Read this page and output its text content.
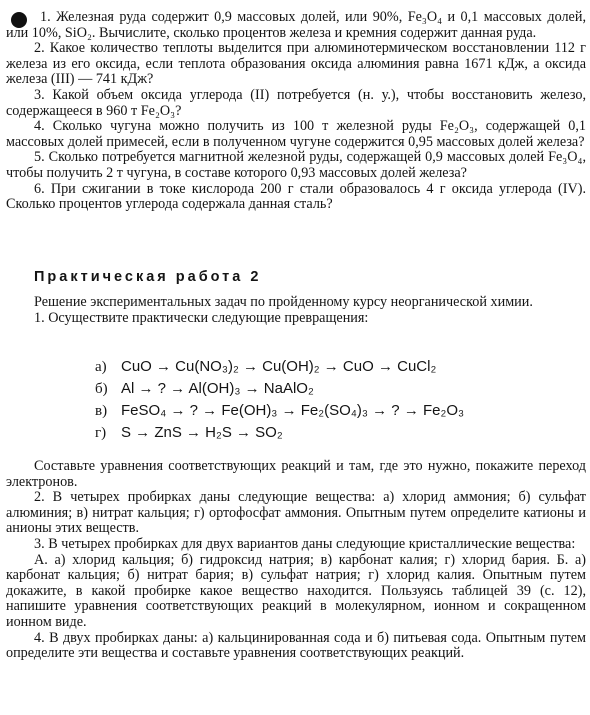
1. Железная руда содержит 0,9 массовых долей, или 90%, Fe₃O₄ и 0,1 массовых долей, или 10%, SiO₂. Вычислите, сколько процентов железа и кремния содержит данная руда.

2. Какое количество теплоты выделится при алюминотермическом восстановлении 112 г железа из его оксида, если теплота образования оксида алюминия равна 1671 кДж, а оксида железа (III) — 741 кДж?

3. Какой объем оксида углерода (II) потребуется (н. у.), чтобы восстановить железо, содержащееся в 960 т Fe₂O₃?

4. Сколько чугуна можно получить из 100 т железной руды Fe₂O₃, содержащей 0,1 массовых долей примесей, если в полученном чугуне содержится 0,95 массовых долей железа?

5. Сколько потребуется магнитной железной руды, содержащей 0,9 массовых долей Fe₃O₄, чтобы получить 2 т чугуна, в составе которого 0,93 массовых долей железа?

6. При сжигании в токе кислорода 200 г стали образовалось 4 г оксида углерода (IV). Сколько процентов углерода содержала данная сталь?

Практическая работа 2

Решение экспериментальных задач по пройденному курсу неорганической химии.

1. Осуществите практически следующие превращения:

а) CuO → Cu(NO₃)₂ → Cu(OH)₂ → CuO → CuCl₂
б) Al → ? → Al(OH)₃ → NaAlO₂
в) FeSO₄ → ? → Fe(OH)₃ → Fe₂(SO₄)₃ → ? → Fe₂O₃
г) S → ZnS → H₂S → SO₂

Составьте уравнения соответствующих реакций и там, где это нужно, покажите переход электронов.

2. В четырех пробирках даны следующие вещества: а) хлорид аммония; б) сульфат алюминия; в) нитрат кальция; г) ортофосфат аммония. Опытным путем определите катионы и анионы этих веществ.

3. В четырех пробирках для двух вариантов даны следующие кристаллические вещества:

А. а) хлорид кальция; б) гидроксид натрия; в) карбонат калия; г) хлорид бария. Б. а) карбонат кальция; б) нитрат бария; в) сульфат натрия; г) хлорид калия. Опытным путем докажите, в какой пробирке какое вещество находится. Пользуясь таблицей 39 (с. 12), напишите уравнения соответствующих реакций в молекулярном, ионном и сокращенном ионном виде.

4. В двух пробирках даны: а) кальцинированная сода и б) питьевая сода. Опытным путем определите эти вещества и составьте уравнения соответствующих реакций.
